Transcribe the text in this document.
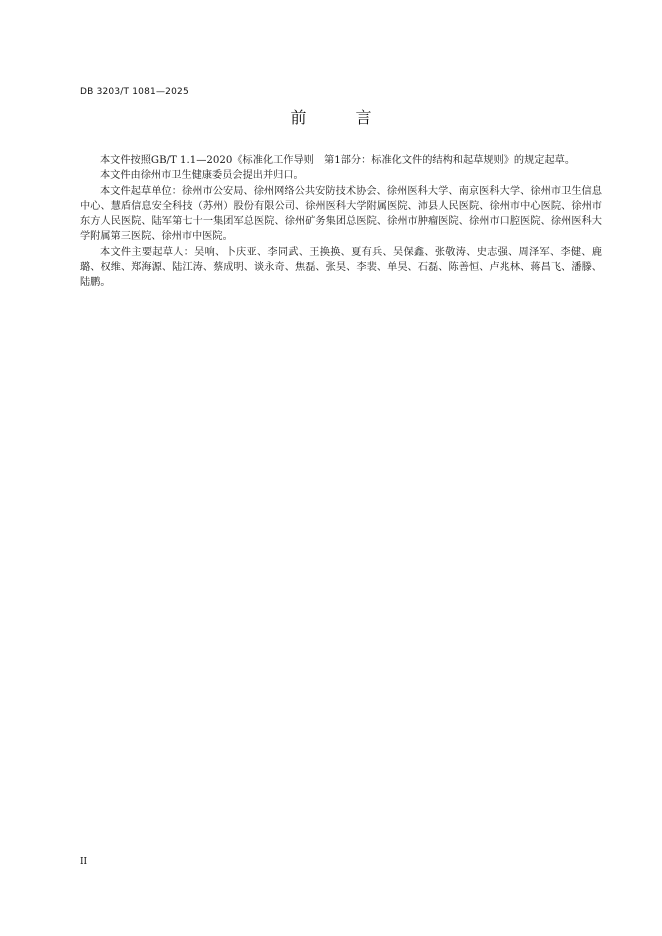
DB 3203/T 1081—2025
前 言

本文件按照GB/T 1.1—2020《标准化工作导则　第1部分：标准化文件的结构和起草规则》的规定起草。

本文件由徐州市卫生健康委员会提出并归口。

本文件起草单位：徐州市公安局、徐州网络公共安防技术协会、徐州医科大学、南京医科大学、徐州市卫生信息中心、慧盾信息安全科技（苏州）股份有限公司、徐州医科大学附属医院、沛县人民医院、徐州市中心医院、徐州市东方人民医院、陆军第七十一集团军总医院、徐州矿务集团总医院、徐州市肿瘤医院、徐州市口腔医院、徐州医科大学附属第三医院、徐州市中医院。

本文件主要起草人：吴响、卜庆亚、李同武、王换换、夏有兵、吴保鑫、张敬涛、史志强、周泽军、李健、鹿璐、权维、郑海源、陆江涛、蔡成明、谈永奇、焦磊、张昊、李裴、单昊、石磊、陈善恒、卢兆林、蒋昌飞、潘滕、陆鹏。

II
